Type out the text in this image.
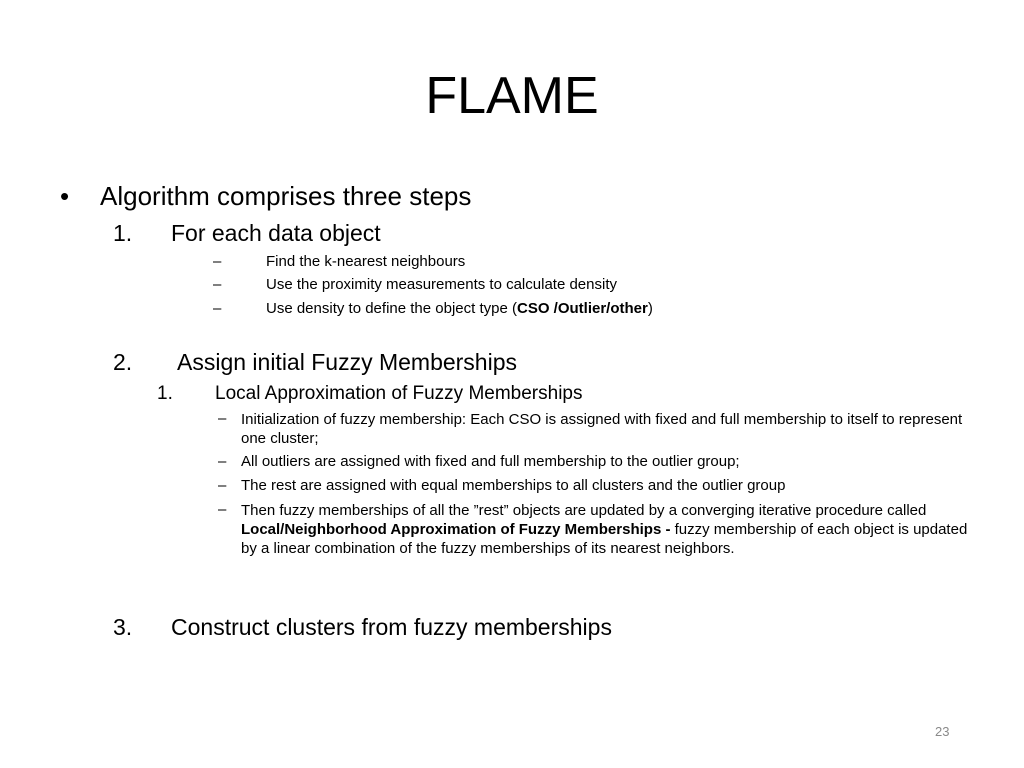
FLAME
• Algorithm comprises three steps
1. For each data object
–	Find the k-nearest neighbours
–	Use the proximity measurements to calculate density
–	Use density to define the object type (CSO /Outlier/other)
2. Assign initial Fuzzy Memberships
1. Local Approximation of Fuzzy Memberships
– Initialization of fuzzy membership: Each CSO is assigned with fixed and full membership to itself to represent one cluster;
– All outliers are assigned with fixed and full membership to the outlier group;
– The rest are assigned with equal memberships to all clusters and the outlier group
– Then fuzzy memberships of all the ”rest” objects are updated by a converging iterative procedure called Local/Neighborhood Approximation of Fuzzy Memberships - fuzzy membership of each object is updated by a linear combination of the fuzzy memberships of its nearest neighbors.
3. Construct clusters from fuzzy memberships
23
